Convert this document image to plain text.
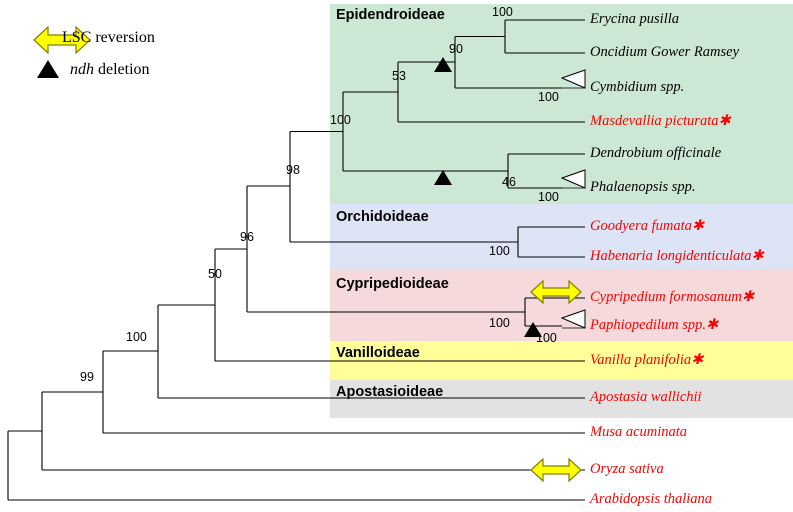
Epidendroideae
Orchidoideae
Cypripedioideae
Vanilloideae
Apostasioideae
LSC reversion
ndh deletion
Erycina pusilla
Oncidium Gower Ramsey
Cymbidium spp.
Masdevallia picturata✱
Dendrobium officinale
Phalaenopsis spp.
Goodyera fumata✱
Habenaria longidenticulata✱
Cypripedium formosanum✱
Paphiopedilum spp.✱
Vanilla planifolia✱
Apostasia wallichii
Musa acuminata
Oryza sativa
Arabidopsis thaliana
100
90
100
53
100
46
100
100
98
100
100
50
96
100
99
